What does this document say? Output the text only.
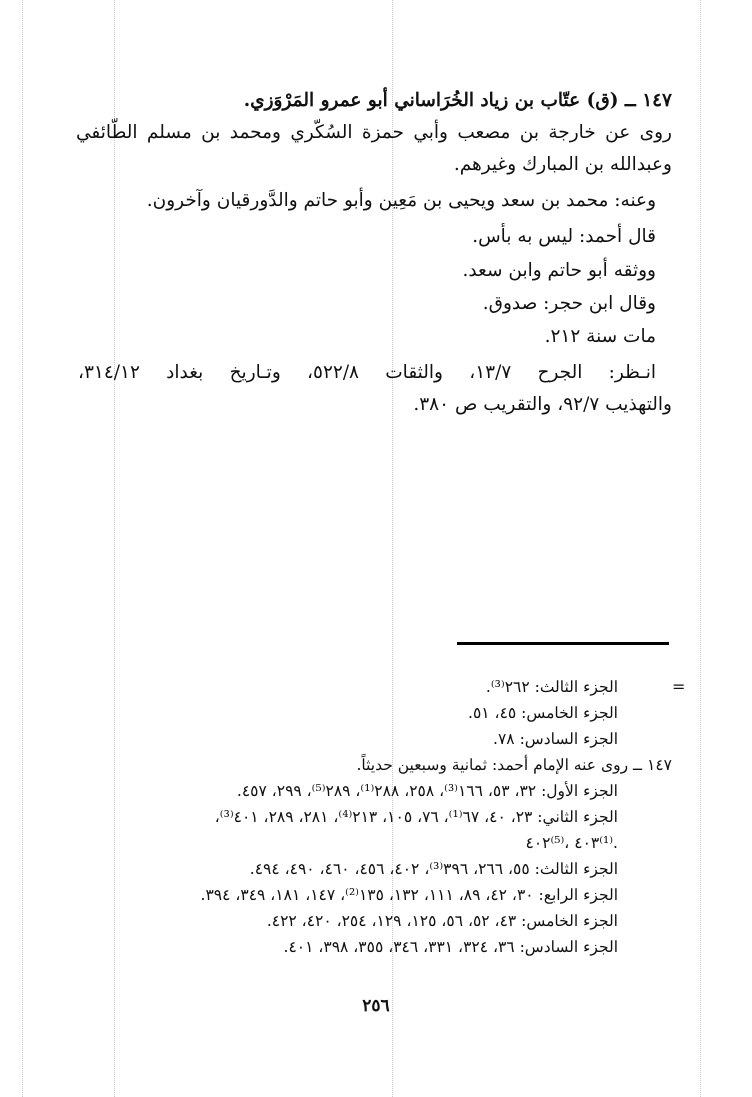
١٤٧ ــ (ق) عتّاب بن زياد الخُرَاساني أبو عمرو المَرْوَزي.
روى عن خارجة بن مصعب وأبي حمزة السُكّري ومحمد بن مسلم الطّائفي
وعبدالله بن المبارك وغيرهم.
وعنه: محمد بن سعد ويحيى بن مَعِين وأبو حاتم والدَّورقيان وآخرون.
قال أحمد: ليس به بأس.
ووثقه أبو حاتم وابن سعد.
وقال ابن حجر: صدوق.
مات سنة ٢١٢.
انـظر: الجرح ١٣/٧، والثقات ٥٢٢/٨، وتـاريخ بغداد ٣١٤/١٢،
والتهذيب ٩٢/٧، والتقريب ص ٣٨٠.
=
الجزء الثالث: ٢٦٢⁽³⁾.
الجزء الخامس: ٤٥، ٥١.
الجزء السادس: ٧٨.
١٤٧ ــ روى عنه الإمام أحمد: ثمانية وسبعين حديثاً.
الجزء الأول: ٣٢، ٥٣، ١٦٦⁽³⁾، ٢٥٨، ٢٨٨⁽¹⁾، ٢٨٩⁽⁵⁾، ٢٩٩، ٤٥٧.
الجزء الثاني: ٢٣، ٤٠، ٦٧⁽¹⁾، ٧٦، ١٠٥، ٢١٣⁽⁴⁾، ٢٨١، ٢٨٩، ٤٠١⁽³⁾،
٤٠٢⁽⁵⁾، ٤٠٣⁽¹⁾.
الجزء الثالث: ٥٥، ٢٦٦، ٣٩٦⁽³⁾، ٤٠٢، ٤٥٦، ٤٦٠، ٤٩٠، ٤٩٤.
الجزء الرابع: ٣٠، ٤٢، ٨٩، ١١١، ١٣٢، ١٣٥⁽²⁾، ١٤٧، ١٨١، ٣٤٩، ٣٩٤.
الجزء الخامس: ٤٣، ٥٢، ٥٦، ١٢٥، ١٢٩، ٢٥٤، ٤٢٠، ٤٢٢.
الجزء السادس: ٣٦، ٣٢٤، ٣٣١، ٣٤٦، ٣٥٥، ٣٩٨، ٤٠١.
٢٥٦
